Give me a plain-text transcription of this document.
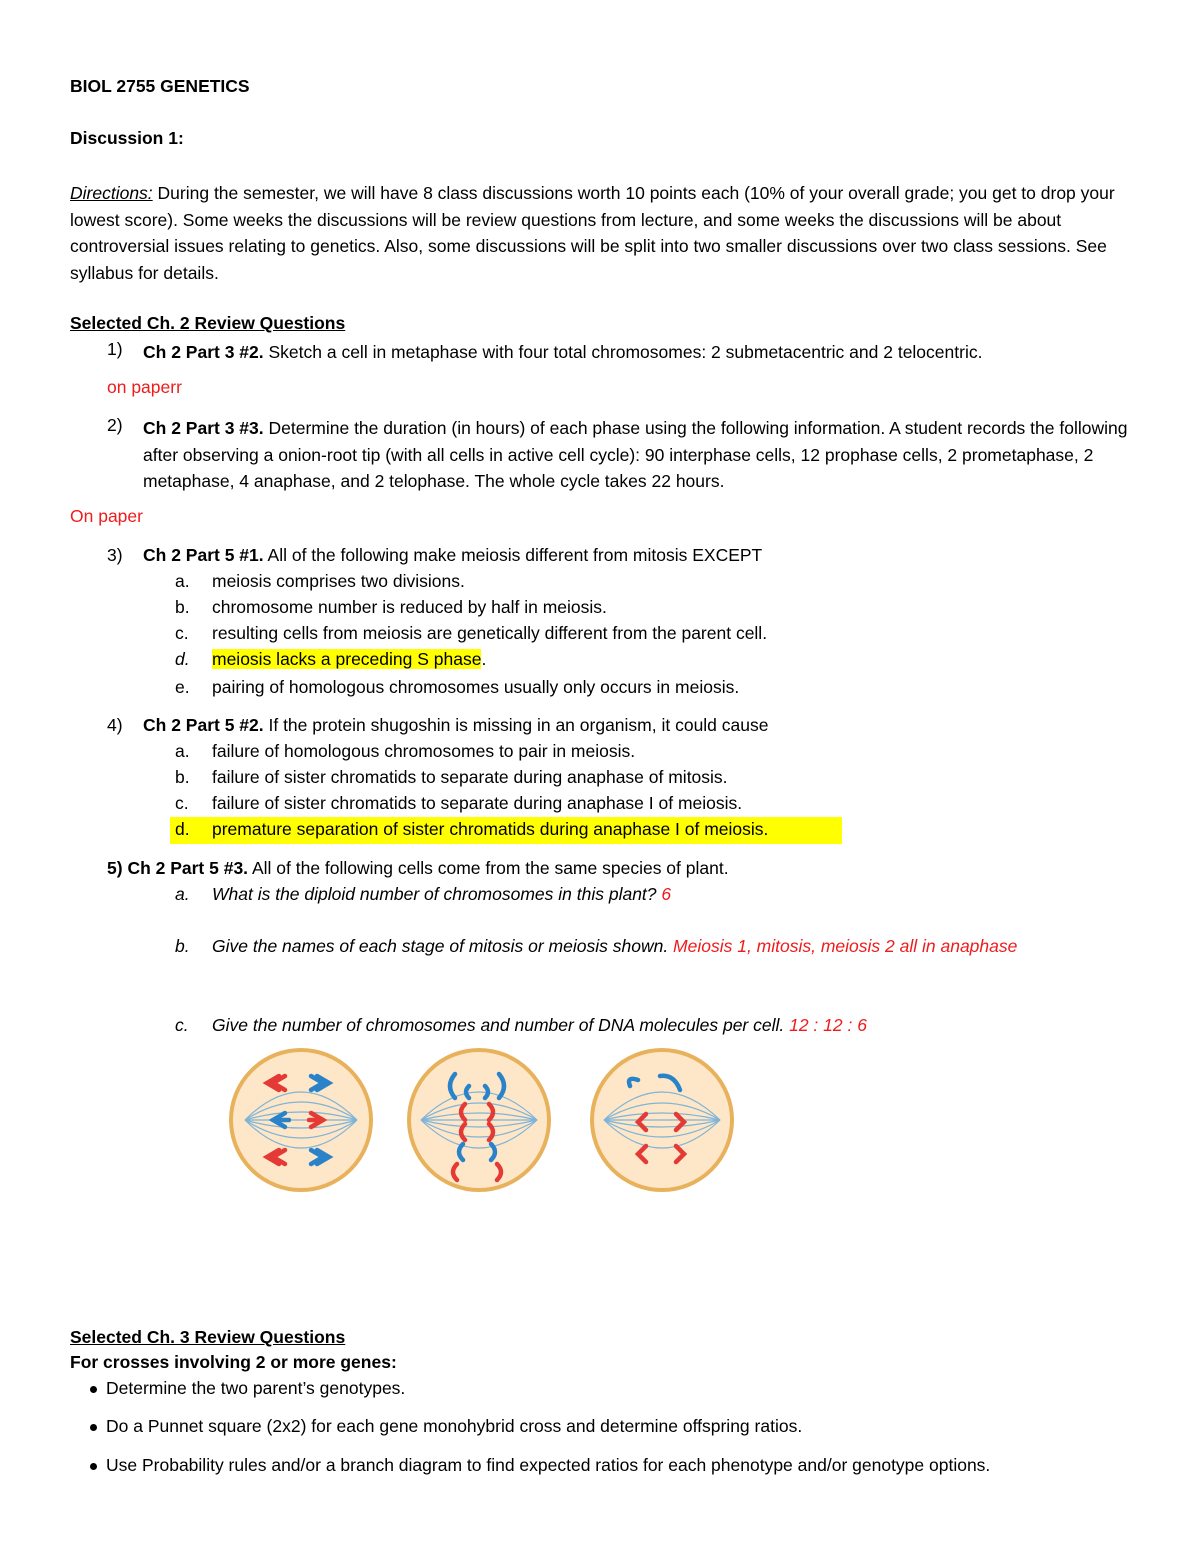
BIOL 2755 GENETICS
Discussion 1:
Directions: During the semester, we will have 8 class discussions worth 10 points each (10% of your overall grade; you get to drop your lowest score). Some weeks the discussions will be review questions from lecture, and some weeks the discussions will be about controversial issues relating to genetics. Also, some discussions will be split into two smaller discussions over two class sessions. See syllabus for details.
Selected Ch. 2 Review Questions
1) Ch 2 Part 3 #2. Sketch a cell in metaphase with four total chromosomes: 2 submetacentric and 2 telocentric.
on paperr
2) Ch 2 Part 3 #3. Determine the duration (in hours) of each phase using the following information. A student records the following after observing a onion-root tip (with all cells in active cell cycle): 90 interphase cells, 12 prophase cells, 2 prometaphase, 2 metaphase, 4 anaphase, and 2 telophase. The whole cycle takes 22 hours.
On paper
3) Ch 2 Part 5 #1. All of the following make meiosis different from mitosis EXCEPT
a. meiosis comprises two divisions.
b. chromosome number is reduced by half in meiosis.
c. resulting cells from meiosis are genetically different from the parent cell.
d. meiosis lacks a preceding S phase.
e. pairing of homologous chromosomes usually only occurs in meiosis.
4) Ch 2 Part 5 #2. If the protein shugoshin is missing in an organism, it could cause
a. failure of homologous chromosomes to pair in meiosis.
b. failure of sister chromatids to separate during anaphase of mitosis.
c. failure of sister chromatids to separate during anaphase I of meiosis.
d. premature separation of sister chromatids during anaphase I of meiosis.
5) Ch 2 Part 5 #3. All of the following cells come from the same species of plant.
a. What is the diploid number of chromosomes in this plant? 6
b. Give the names of each stage of mitosis or meiosis shown. Meiosis 1, mitosis, meiosis 2 all in anaphase
c. Give the number of chromosomes and number of DNA molecules per cell. 12 : 12 : 6
Selected Ch. 3 Review Questions
For crosses involving 2 or more genes:
Determine the two parent’s genotypes.
Do a Punnet square (2x2) for each gene monohybrid cross and determine offspring ratios.
Use Probability rules and/or a branch diagram to find expected ratios for each phenotype and/or genotype options.
